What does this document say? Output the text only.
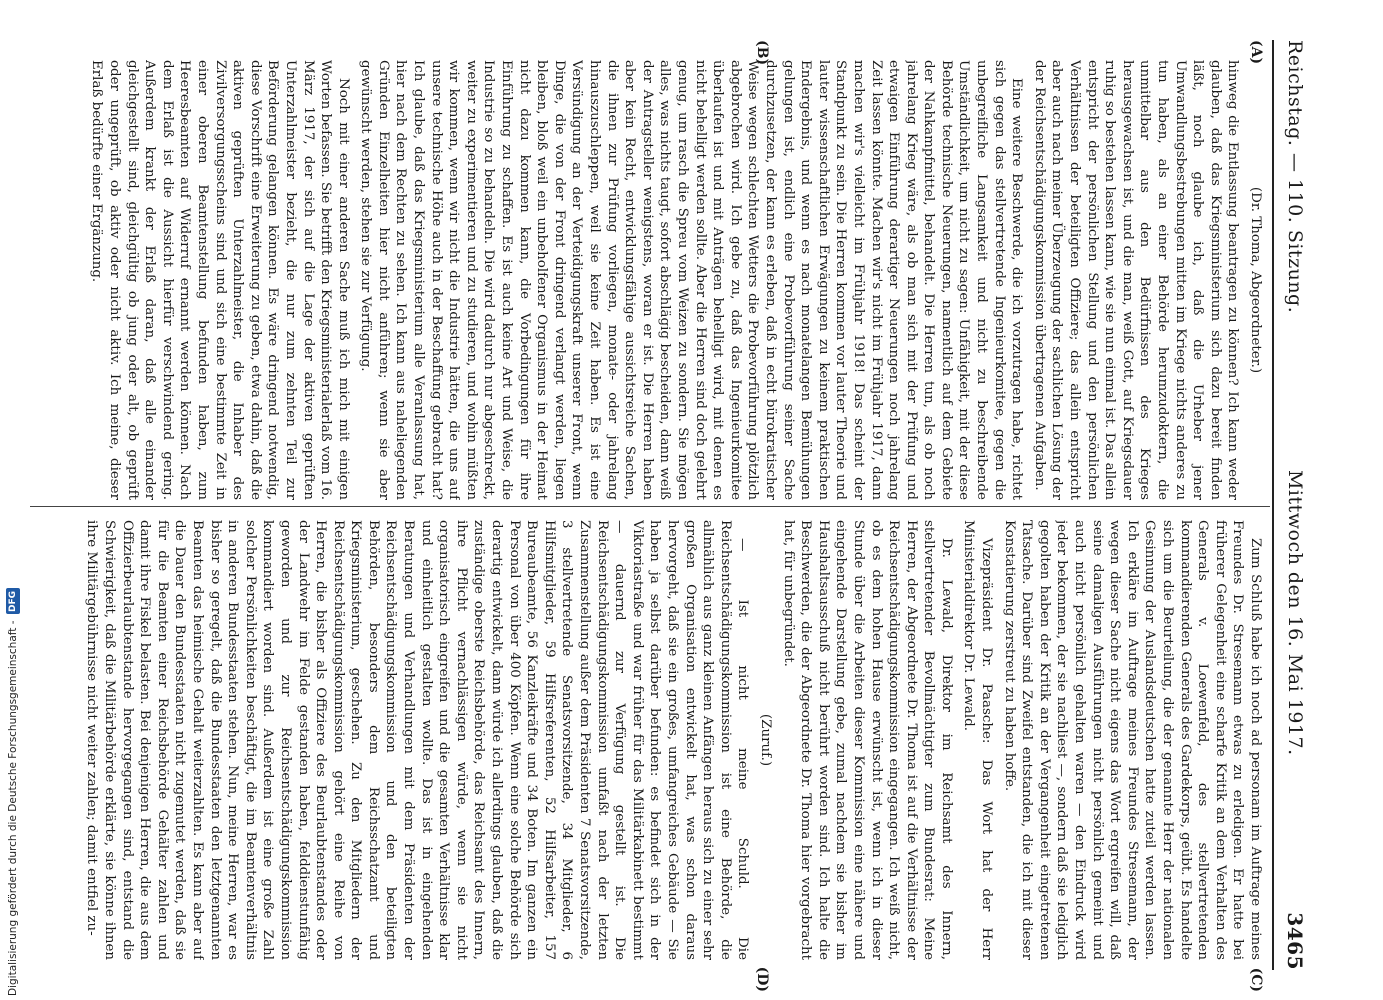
Reichstag. — 110. Sitzung.
Mittwoch den 16. Mai 1917.
3465
(A)
(B)
(C)
(D)

(Dr. Thoma, Abgeordneter.)

hinweg die Entlassung beantragen zu können? Ich kann weder glauben, daß das Kriegsministerium sich dazu bereit finden läßt, noch glaube ich, daß die Urheber jener Umwandlungsbestrebungen mitten im Kriege nichts anderes zu tun haben, als an einer Behörde herumzudoktern, die unmittelbar aus den Bedürfnissen des Krieges herausgewachsen ist, und die man, weiß Gott, auf Kriegsdauer ruhig so bestehen lassen kann, wie sie nun einmal ist. Das allein entspricht der persönlichen Stellung und den persönlichen Verhältnissen der beteiligten Offiziere; das allein entspricht aber auch nach meiner Überzeugung der sachlichen Lösung der der Reichsentschädigungskommission übertragenen Aufgaben.

Eine weitere Beschwerde, die ich vorzutragen habe, richtet sich gegen das stellvertretende Ingenieurkomitee, gegen die unbegreifliche Langsamkeit und nicht zu beschreibende Umständlichkeit, um nicht zu sagen: Unfähigkeit, mit der diese Behörde technische Neuerungen, namentlich auf dem Gebiete der Nahkampfmittel, behandelt. Die Herren tun, als ob noch jahrelang Krieg wäre, als ob man sich mit der Prüfung und etwaigen Einführung derartiger Neuerungen noch jahrelang Zeit lassen könnte. Machen wir's nicht im Frühjahr 1917, dann machen wir's vielleicht im Frühjahr 1918! Das scheint der Standpunkt zu sein. Die Herren kommen vor lauter Theorie und lauter wissenschaftlichen Erwägungen zu keinem praktischen Endergebnis, und wenn es nach monatelangen Bemühungen gelungen ist, endlich eine Probevorführung seiner Sache durchzusetzen, der kann es erleben, daß in echt bürokratischer Weise wegen schlechten Wetters die Probevorführung plötzlich abgebrochen wird. Ich gebe zu, daß das Ingenieurkomitee überlaufen ist und mit Anträgen behelligt wird, mit denen es nicht behelligt werden sollte. Aber die Herren sind doch gelehrt genug, um rasch die Spreu vom Weizen zu sondern. Sie mögen alles, was nichts taugt, sofort abschlägig bescheiden, dann weiß der Antragsteller wenigstens, woran er ist. Die Herren haben aber kein Recht, entwicklungsfähige aussichtsreiche Sachen, die ihnen zur Prüfung vorliegen, monate- oder jahrelang hinauszuschleppen, weil sie keine Zeit haben. Es ist eine Versündigung an der Verteidigungskraft unserer Front, wenn Dinge, die von der Front dringend verlangt werden, liegen bleiben, bloß weil ein unbeholfener Organismus in der Heimat nicht dazu kommen kann, die Vorbedingungen für ihre Einführung zu schaffen. Es ist auch keine Art und Weise, die Industrie so zu behandeln. Die wird dadurch nur abgeschreckt, weiter zu experimentieren und zu studieren, und wohin müßten wir kommen, wenn wir nicht die Industrie hätten, die uns auf unsere technische Höhe auch in der Beschaffung gebracht hat? Ich glaube, daß das Kriegsministerium alle Veranlassung hat, hier nach dem Rechten zu sehen. Ich kann aus naheliegenden Gründen Einzelheiten hier nicht anführen; wenn sie aber gewünscht werden, stehen sie zur Verfügung.

Noch mit einer anderen Sache muß ich mich mit einigen Worten befassen. Sie betrifft den Kriegsministerialerlaß vom 16. März 1917, der sich auf die Lage der aktiven geprüften Unterzahlmeister bezieht, die nur zum zehnten Teil zur Beförderung gelangen können. Es wäre dringend notwendig, diese Vorschrift eine Erweiterung zu geben, etwa dahin, daß die aktiven geprüften Unterzahlmeister, die Inhaber des Zivilversorgungsscheins sind und sich eine bestimmte Zeit in einer oberen Beamtenstellung befunden haben, zum Heeresbeamten auf Widerruf ernannt werden können. Nach dem Erlaß ist die Aussicht hierfür verschwindend gering. Außerdem krankt der Erlaß daran, daß alle einander gleichgestellt sind, gleichgültig ob jung oder alt, ob geprüft oder ungeprüft, ob aktiv oder nicht aktiv. Ich meine, dieser Erlaß bedürfte einer Ergänzung.

Zum Schluß habe ich noch ad personam im Auftrage meines Freundes Dr. Stresemann etwas zu erledigen. Er hatte bei früherer Gelegenheit eine scharfe Kritik an dem Verhalten des Generals v. Loewenfeld, des stellvertretenden kommandierenden Generals des Gardekorps, geübt. Es handelte sich um die Beurteilung, die der genannte Herr der nationalen Gesinnung der Auslandsdeutschen hatte zuteil werden lassen. Ich erkläre im Auftrage meines Freundes Stresemann, der wegen dieser Sache nicht eigens das Wort ergreifen will, daß seine damaligen Ausführungen nicht persönlich gemeint und auch nicht persönlich gehalten waren — den Eindruck wird jeder bekommen, der sie nachliest —, sondern daß sie lediglich gegolten haben der Kritik an der Vergangenheit eingetretenen Tatsache. Darüber sind Zweifel entstanden, die ich mit dieser Konstatierung zerstreut zu haben hoffe.

Vizepräsident Dr. Paasche: Das Wort hat der Herr Ministerialdirektor Dr. Lewald.

Dr. Lewald, Direktor im Reichsamt des Innern, stellvertretender Bevollmächtigter zum Bundesrat: Meine Herren, der Abgeordnete Dr. Thoma ist auf die Verhältnisse der Reichsentschädigungskommission eingegangen. Ich weiß nicht, ob es dem hohen Hause erwünscht ist, wenn ich in dieser Stunde über die Arbeiten dieser Kommission eine nähere und eingehende Darstellung gebe, zumal nachdem sie bisher im Haushaltsausschuß nicht berührt worden sind. Ich halte die Beschwerden, die der Abgeordnete Dr. Thoma hier vorgebracht hat, für unbegründet.

(Zuruf.)

— Ist nicht meine Schuld. Die Reichsentschädigungskommission ist eine Behörde, die allmählich aus ganz kleinen Anfängen heraus sich zu einer sehr großen Organisation entwickelt hat, was schon daraus hervorgeht, daß sie ein großes, umfangreiches Gebäude — Sie haben ja selbst darüber befunden: es befindet sich in der Viktoriastraße und war früher für das Militärkabinett bestimmt — dauernd zur Verfügung gestellt ist. Die Reichsentschädigungskommission umfaßt nach der letzten Zusammenstellung außer dem Präsidenten 7 Senatsvorsitzende, 3 stellvertretende Senatsvorsitzende, 34 Mitglieder, 6 Hilfsmitglieder, 59 Hilfsreferenten, 52 Hilfsarbeiter, 157 Bureaubeamte, 56 Kanzleikräfte und 34 Boten. Im ganzen ein Personal von über 400 Köpfen. Wenn eine solche Behörde sich derartig entwickelt, dann würde ich allerdings glauben, daß die zuständige oberste Reichsbehörde, das Reichsamt des Innern, ihre Pflicht vernachlässigen würde, wenn sie nicht organisatorisch eingreifen und die gesamten Verhältnisse klar und einheitlich gestalten wollte. Das ist in eingehenden Beratungen und Verhandlungen mit dem Präsidenten der Reichsentschädigungskommission und den beteiligten Behörden, besonders dem Reichsschatzamt und Kriegsministerium, geschehen. Zu den Mitgliedern der Reichsentschädigungskommission gehört eine Reihe von Herren, die bisher als Offiziere des Beurlaubtenstandes oder der Landwehr im Felde gestanden haben, felddienstunfähig geworden und zur Reichsentschädigungskommission kommandiert worden sind. Außerdem ist eine große Zahl solcher Persönlichkeiten beschäftigt, die im Beamtenverhältnis in anderen Bundesstaaten stehen. Nun, meine Herren, war es bisher so geregelt, daß die Bundesstaaten den letztgenannten Beamten das heimische Gehalt weiterzahlten. Es kann aber auf die Dauer den Bundesstaaten nicht zugemutet werden, daß sie für die Beamten einer Reichsbehörde Gehälter zahlen und damit ihre Fiskel belasten. Bei denjenigen Herren, die aus dem Offizierbeurlaubtenstande hervorgegangen sind, entstand die Schwierigkeit, daß die Militärbehörde erklärte, sie könne ihnen ihre Militärgebührnisse nicht weiter zahlen; damit entfiel zu-

Digitalisierung gefördert durch die Deutsche Forschungsgemeinschaft -
DFG
